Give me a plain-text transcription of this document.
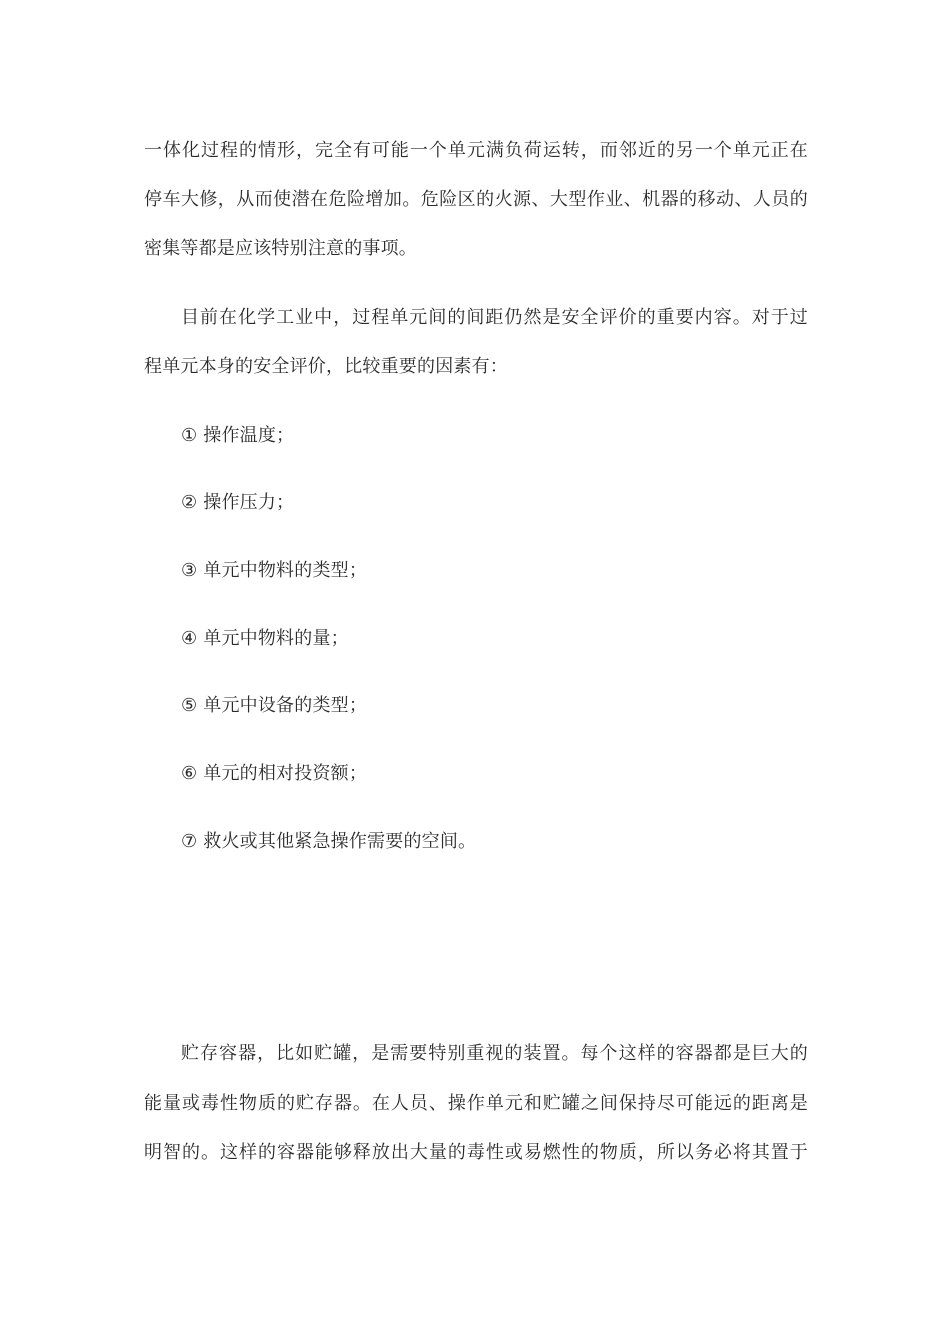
一体化过程的情形，完全有可能一个单元满负荷运转，而邻近的另一个单元正在
停车大修，从而使潜在危险增加。危险区的火源、大型作业、机器的移动、人员的
密集等都是应该特别注意的事项。
目前在化学工业中，过程单元间的间距仍然是安全评价的重要内容。对于过
程单元本身的安全评价，比较重要的因素有：
① 操作温度；
② 操作压力；
③ 单元中物料的类型；
④ 单元中物料的量；
⑤ 单元中设备的类型；
⑥ 单元的相对投资额；
⑦ 救火或其他紧急操作需要的空间。
贮存容器，比如贮罐，是需要特别重视的装置。每个这样的容器都是巨大的
能量或毒性物质的贮存器。在人员、操作单元和贮罐之间保持尽可能远的距离是
明智的。这样的容器能够释放出大量的毒性或易燃性的物质，所以务必将其置于
